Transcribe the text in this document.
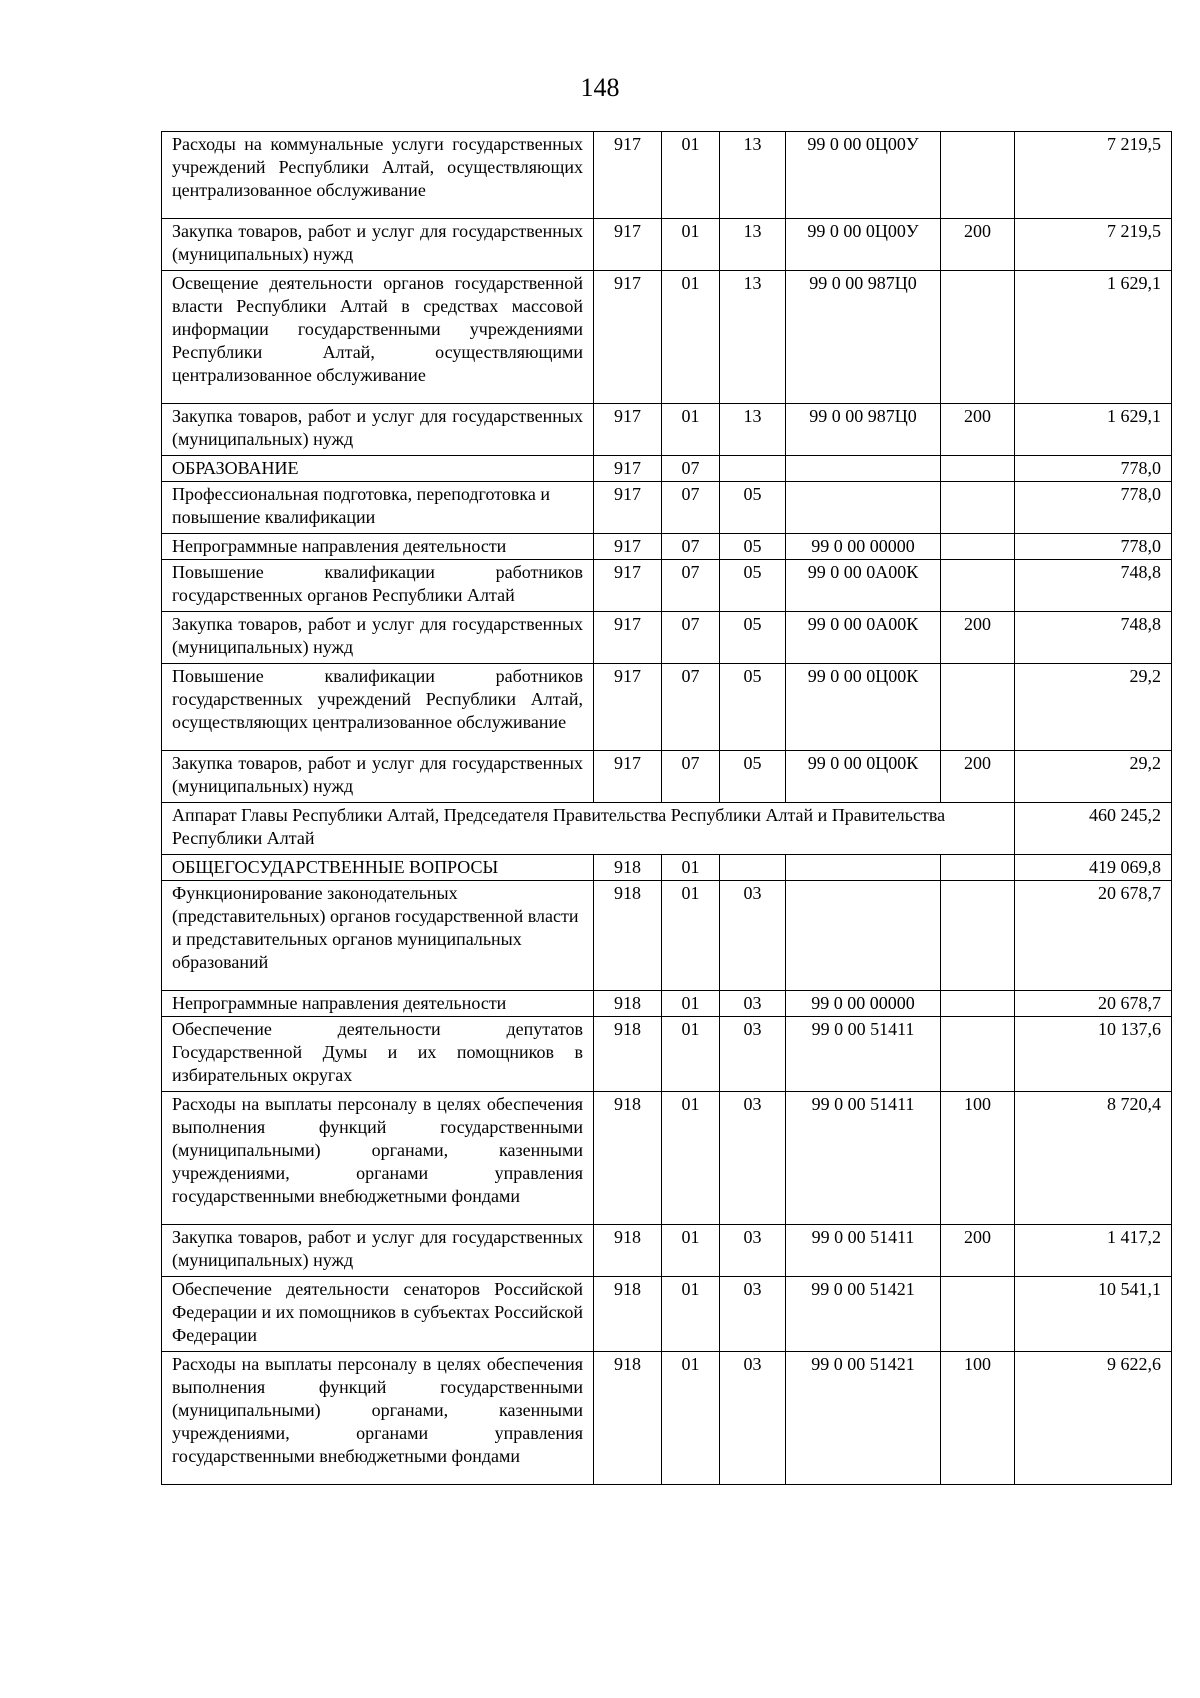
148
Расходы на коммунальные услуги государственных учреждений Республики Алтай, осуществляющих централизованное обслуживание	917	01	13	99 0 00 0Ц00У		7 219,5
Закупка товаров, работ и услуг для государственных (муниципальных) нужд	917	01	13	99 0 00 0Ц00У	200	7 219,5
Освещение деятельности органов государственной власти Республики Алтай в средствах массовой информации государственными учреждениями Республики Алтай, осуществляющими централизованное обслуживание	917	01	13	99 0 00 987Ц0		1 629,1
Закупка товаров, работ и услуг для государственных (муниципальных) нужд	917	01	13	99 0 00 987Ц0	200	1 629,1
ОБРАЗОВАНИЕ	917	07				778,0
Профессиональная подготовка, переподготовка и повышение квалификации	917	07	05			778,0
Непрограммные направления деятельности	917	07	05	99 0 00 00000		778,0
Повышение квалификации работников государственных органов Республики Алтай	917	07	05	99 0 00 0А00К		748,8
Закупка товаров, работ и услуг для государственных (муниципальных) нужд	917	07	05	99 0 00 0А00К	200	748,8
Повышение квалификации работников государственных учреждений Республики Алтай, осуществляющих централизованное обслуживание	917	07	05	99 0 00 0Ц00К		29,2
Закупка товаров, работ и услуг для государственных (муниципальных) нужд	917	07	05	99 0 00 0Ц00К	200	29,2
Аппарат Главы Республики Алтай, Председателя Правительства Республики Алтай и Правительства Республики Алтай						460 245,2
ОБЩЕГОСУДАРСТВЕННЫЕ ВОПРОСЫ	918	01				419 069,8
Функционирование законодательных (представительных) органов государственной власти и представительных органов муниципальных образований	918	01	03			20 678,7
Непрограммные направления деятельности	918	01	03	99 0 00 00000		20 678,7
Обеспечение деятельности депутатов Государственной Думы и их помощников в избирательных округах	918	01	03	99 0 00 51411		10 137,6
Расходы на выплаты персоналу в целях обеспечения выполнения функций государственными (муниципальными) органами, казенными учреждениями, органами управления государственными внебюджетными фондами	918	01	03	99 0 00 51411	100	8 720,4
Закупка товаров, работ и услуг для государственных (муниципальных) нужд	918	01	03	99 0 00 51411	200	1 417,2
Обеспечение деятельности сенаторов Российской Федерации и их помощников в субъектах Российской Федерации	918	01	03	99 0 00 51421		10 541,1
Расходы на выплаты персоналу в целях обеспечения выполнения функций государственными (муниципальными) органами, казенными учреждениями, органами управления государственными внебюджетными фондами	918	01	03	99 0 00 51421	100	9 622,6
